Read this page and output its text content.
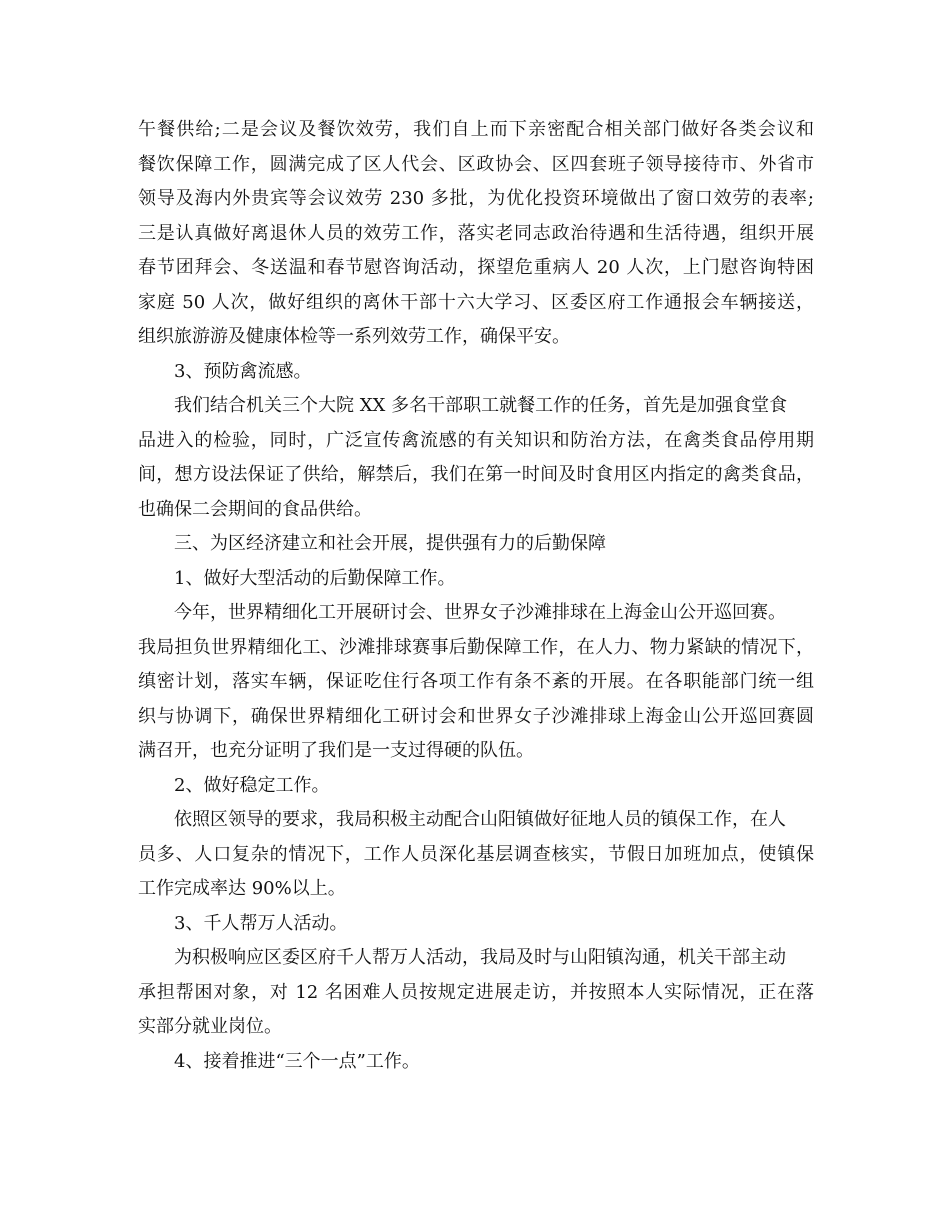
午餐供给;二是会议及餐饮效劳，我们自上而下亲密配合相关部门做好各类会议和
餐饮保障工作，圆满完成了区人代会、区政协会、区四套班子领导接待市、外省市
领导及海内外贵宾等会议效劳 230 多批，为优化投资环境做出了窗口效劳的表率;
三是认真做好离退休人员的效劳工作，落实老同志政治待遇和生活待遇，组织开展
春节团拜会、冬送温和春节慰咨询活动，探望危重病人 20 人次，上门慰咨询特困
家庭 50 人次，做好组织的离休干部十六大学习、区委区府工作通报会车辆接送，
组织旅游游及健康体检等一系列效劳工作，确保平安。
3、预防禽流感。
我们结合机关三个大院 XX 多名干部职工就餐工作的任务，首先是加强食堂食
品进入的检验，同时，广泛宣传禽流感的有关知识和防治方法，在禽类食品停用期
间，想方设法保证了供给，解禁后，我们在第一时间及时食用区内指定的禽类食品，
也确保二会期间的食品供给。
三、为区经济建立和社会开展，提供强有力的后勤保障
1、做好大型活动的后勤保障工作。
今年，世界精细化工开展研讨会、世界女子沙滩排球在上海金山公开巡回赛。
我局担负世界精细化工、沙滩排球赛事后勤保障工作，在人力、物力紧缺的情况下，
缜密计划，落实车辆，保证吃住行各项工作有条不紊的开展。在各职能部门统一组
织与协调下，确保世界精细化工研讨会和世界女子沙滩排球上海金山公开巡回赛圆
满召开，也充分证明了我们是一支过得硬的队伍。
2、做好稳定工作。
依照区领导的要求，我局积极主动配合山阳镇做好征地人员的镇保工作，在人
员多、人口复杂的情况下，工作人员深化基层调查核实，节假日加班加点，使镇保
工作完成率达 90%以上。
3、千人帮万人活动。
为积极响应区委区府千人帮万人活动，我局及时与山阳镇沟通，机关干部主动
承担帮困对象，对 12 名困难人员按规定进展走访，并按照本人实际情况，正在落
实部分就业岗位。
4、接着推进“三个一点”工作。
